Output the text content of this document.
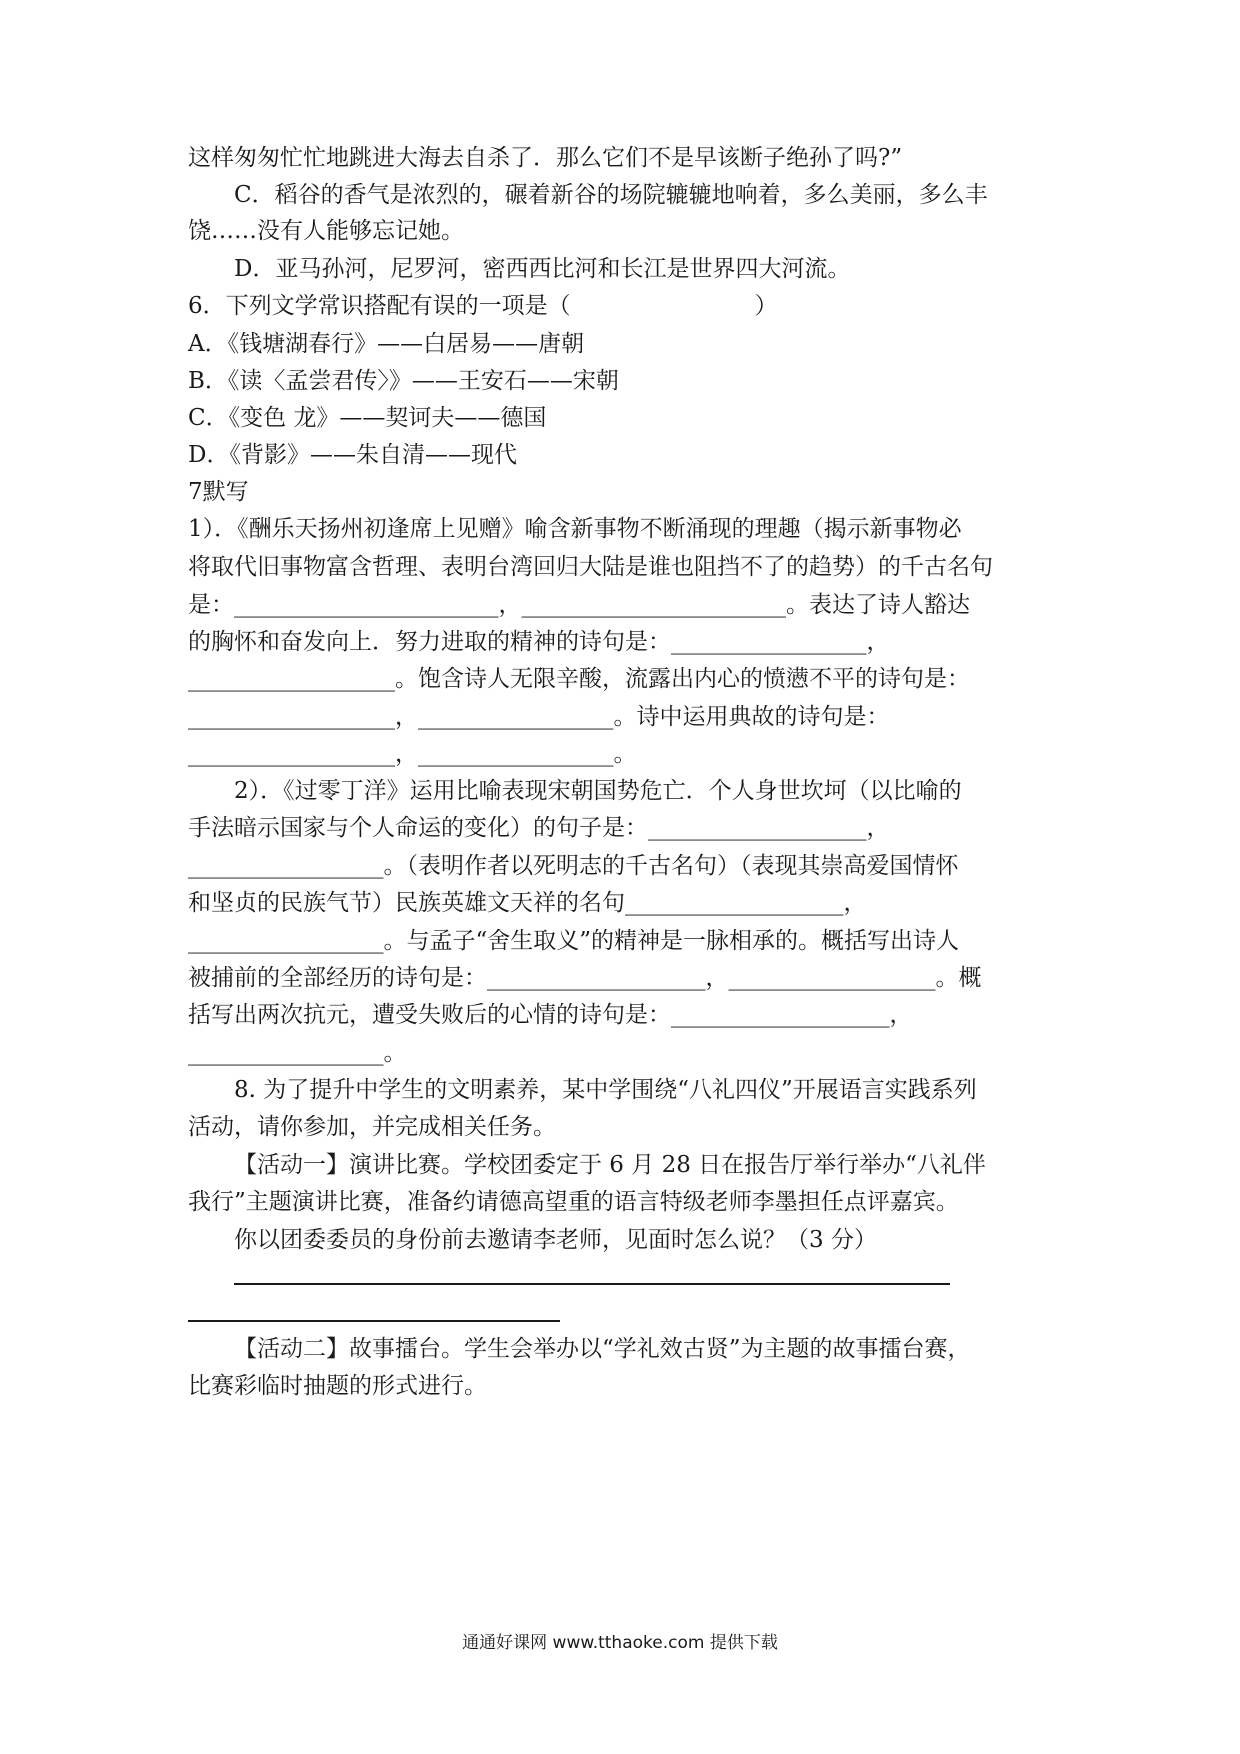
这样匆匆忙忙地跳进大海去自杀了．那么它们不是早该断子绝孙了吗?”
C．稻谷的香气是浓烈的，碾着新谷的场院辘辘地响着，多么美丽，多么丰
饶……没有人能够忘记她。
D．亚马孙河，尼罗河，密西西比河和长江是世界四大河流。
6．下列文学常识搭配有误的一项是（　　　　　　　　）
A．《钱塘湖春行》——白居易——唐朝
B．《读〈孟尝君传〉》——王安石——宋朝
C．《变色 龙》——契诃夫——德国
D．《背影》——朱自清——现代
7默写
1）．《酬乐天扬州初逢席上见赠》喻含新事物不断涌现的理趣（揭示新事物必
将取代旧事物富含哲理、表明台湾回归大陆是谁也阻挡不了的趋势）的千古名句
是：_______________________，_______________________。表达了诗人豁达
的胸怀和奋发向上．努力进取的精神的诗句是：_________________，
__________________。饱含诗人无限辛酸，流露出内心的愤懑不平的诗句是：
__________________，_________________。诗中运用典故的诗句是：
__________________，_________________。
2）．《过零丁洋》运用比喻表现宋朝国势危亡．个人身世坎坷（以比喻的
手法暗示国家与个人命运的变化）的句子是：___________________，
_________________。（表明作者以死明志的千古名句）（表现其崇高爱国情怀
和坚贞的民族气节）民族英雄文天祥的名句___________________，
_________________。与孟子“舍生取义”的精神是一脉相承的。概括写出诗人
被捕前的全部经历的诗句是：___________________，__________________。概
括写出两次抗元，遭受失败后的心情的诗句是：___________________，
_________________。
8. 为了提升中学生的文明素养，某中学围绕“八礼四仪”开展语言实践系列
活动，请你参加，并完成相关任务。
【活动一】演讲比赛。学校团委定于 6 月 28 日在报告厅举行举办“八礼伴
我行”主题演讲比赛，准备约请德高望重的语言特级老师李墨担任点评嘉宾。
你以团委委员的身份前去邀请李老师，见面时怎么说？（3 分）
【活动二】故事擂台。学生会举办以“学礼效古贤”为主题的故事擂台赛，
比赛彩临时抽题的形式进行。
通通好课网 www.tthaoke.com 提供下载
